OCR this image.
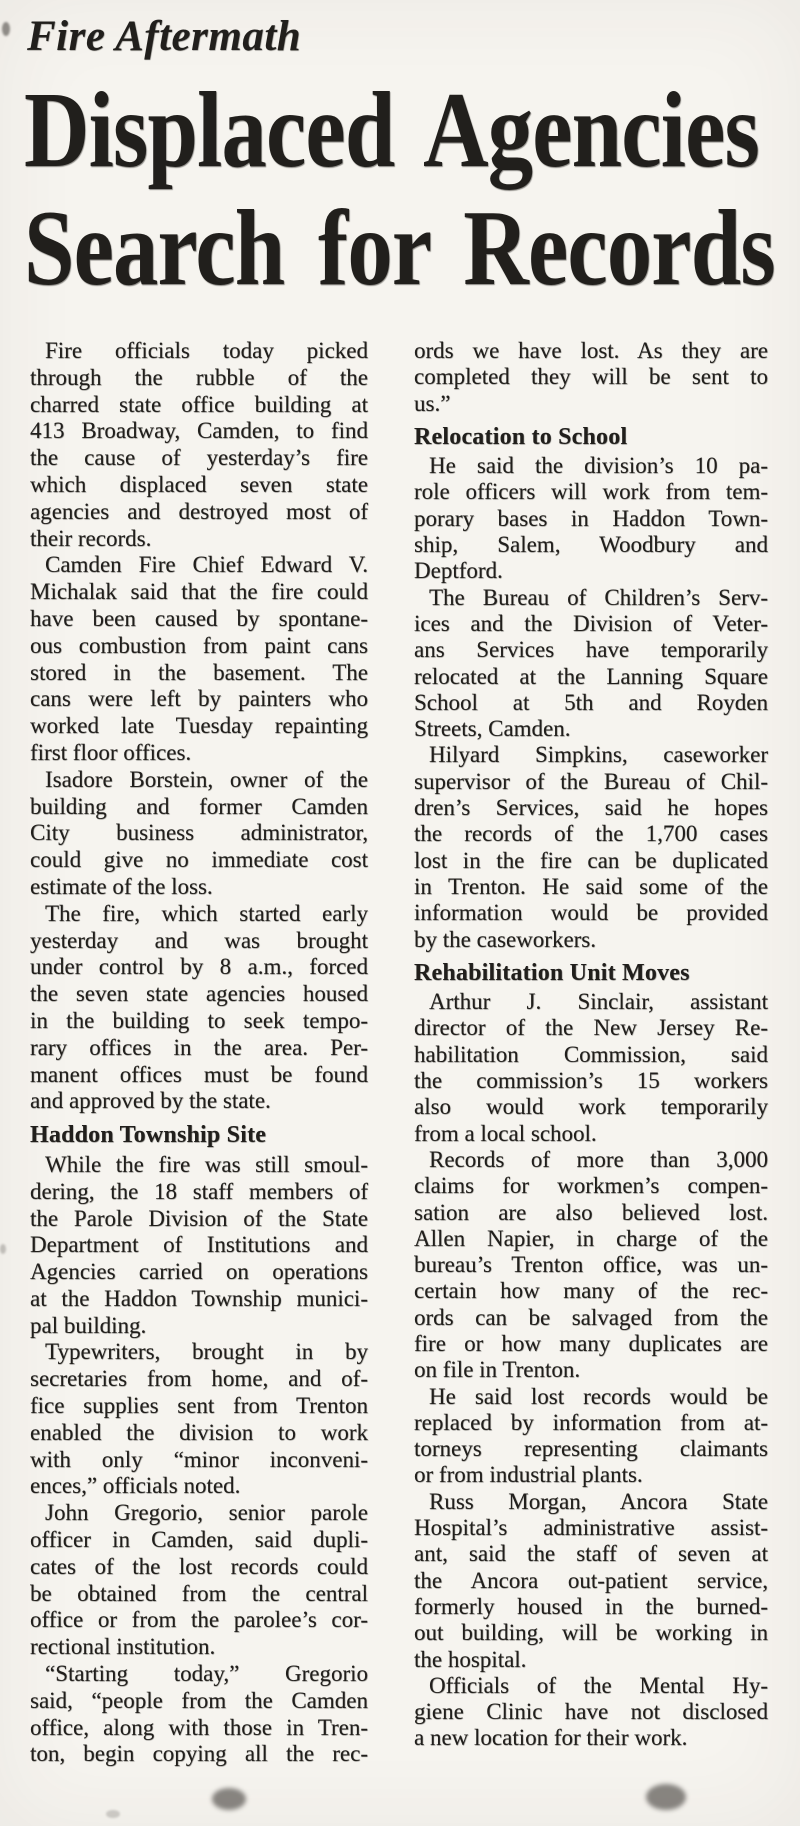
Fire Aftermath
Displaced Agencies
Search for Records
Fire officials today picked
through the rubble of the
charred state office building at
413 Broadway, Camden, to find
the cause of yesterday’s fire
which displaced seven state
agencies and destroyed most of
their records.
Camden Fire Chief Edward V.
Michalak said that the fire could
have been caused by spontane-
ous combustion from paint cans
stored in the basement. The
cans were left by painters who
worked late Tuesday repainting
first floor offices.
Isadore Borstein, owner of the
building and former Camden
City business administrator,
could give no immediate cost
estimate of the loss.
The fire, which started early
yesterday and was brought
under control by 8 a.m., forced
the seven state agencies housed
in the building to seek tempo-
rary offices in the area. Per-
manent offices must be found
and approved by the state.
Haddon Township Site
While the fire was still smoul-
dering, the 18 staff members of
the Parole Division of the State
Department of Institutions and
Agencies carried on operations
at the Haddon Township munici-
pal building.
Typewriters, brought in by
secretaries from home, and of-
fice supplies sent from Trenton
enabled the division to work
with only “minor inconveni-
ences,” officials noted.
John Gregorio, senior parole
officer in Camden, said dupli-
cates of the lost records could
be obtained from the central
office or from the parolee’s cor-
rectional institution.
“Starting today,” Gregorio
said, “people from the Camden
office, along with those in Tren-
ton, begin copying all the rec-
ords we have lost. As they are
completed they will be sent to
us.”
Relocation to School
He said the division’s 10 pa-
role officers will work from tem-
porary bases in Haddon Town-
ship, Salem, Woodbury and
Deptford.
The Bureau of Children’s Serv-
ices and the Division of Veter-
ans Services have temporarily
relocated at the Lanning Square
School at 5th and Royden
Streets, Camden.
Hilyard Simpkins, caseworker
supervisor of the Bureau of Chil-
dren’s Services, said he hopes
the records of the 1,700 cases
lost in the fire can be duplicated
in Trenton. He said some of the
information would be provided
by the caseworkers.
Rehabilitation Unit Moves
Arthur J. Sinclair, assistant
director of the New Jersey Re-
habilitation Commission, said
the commission’s 15 workers
also would work temporarily
from a local school.
Records of more than 3,000
claims for workmen’s compen-
sation are also believed lost.
Allen Napier, in charge of the
bureau’s Trenton office, was un-
certain how many of the rec-
ords can be salvaged from the
fire or how many duplicates are
on file in Trenton.
He said lost records would be
replaced by information from at-
torneys representing claimants
or from industrial plants.
Russ Morgan, Ancora State
Hospital’s administrative assist-
ant, said the staff of seven at
the Ancora out-patient service,
formerly housed in the burned-
out building, will be working in
the hospital.
Officials of the Mental Hy-
giene Clinic have not disclosed
a new location for their work.
